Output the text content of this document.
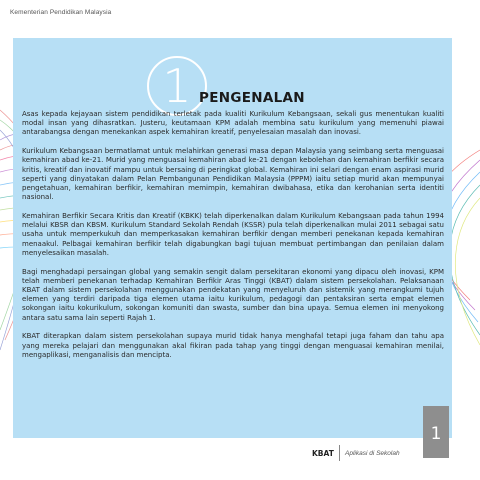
Kementerian Pendidikan Malaysia
1 PENGENALAN

Asas kepada kejayaan sistem pendidikan terletak pada kualiti Kurikulum Kebangsaan, sekali gus menentukan kualiti modal insan yang dihasratkan. Justeru, keutamaan KPM adalah membina satu kurikulum yang memenuhi piawai antarabangsa dengan menekankan aspek kemahiran kreatif, penyelesaian masalah dan inovasi.

Kurikulum Kebangsaan bermatlamat untuk melahirkan generasi masa depan Malaysia yang seimbang serta menguasai kemahiran abad ke-21. Murid yang menguasai kemahiran abad ke-21 dengan kebolehan dan kemahiran berfikir secara kritis, kreatif dan inovatif mampu untuk bersaing di peringkat global. Kemahiran ini selari dengan enam aspirasi murid seperti yang dinyatakan dalam Pelan Pembangunan Pendidikan Malaysia (PPPM) iaitu setiap murid akan mempunyai pengetahuan, kemahiran berfikir, kemahiran memimpin, kemahiran dwibahasa, etika dan kerohanian serta identiti nasional.

Kemahiran Berfikir Secara Kritis dan Kreatif (KBKK) telah diperkenalkan dalam Kurikulum Kebangsaan pada tahun 1994 melalui KBSR dan KBSM. Kurikulum Standard Sekolah Rendah (KSSR) pula telah diperkenalkan mulai 2011 sebagai satu usaha untuk memperkukuh dan memperkasakan kemahiran berfikir dengan memberi penekanan kepada kemahiran menaakul. Pelbagai kemahiran berfikir telah digabungkan bagi tujuan membuat pertimbangan dan penilaian dalam menyelesaikan masalah.

Bagi menghadapi persaingan global yang semakin sengit dalam persekitaran ekonomi yang dipacu oleh inovasi, KPM telah memberi penekanan terhadap Kemahiran Berfikir Aras Tinggi (KBAT) dalam sistem persekolahan. Pelaksanaan KBAT dalam sistem persekolahan menggunakan pendekatan yang menyeluruh dan sistemik yang merangkumi tujuh elemen yang terdiri daripada tiga elemen utama iaitu kurikulum, pedagogi dan pentaksiran serta empat elemen sokongan iaitu kokurikulum, sokongan komuniti dan swasta, sumber dan bina upaya. Semua elemen ini menyokong antara satu sama lain seperti Rajah 1.

KBAT diterapkan dalam sistem persekolahan supaya murid tidak hanya menghafal tetapi juga faham dan tahu apa yang mereka pelajari dan menggunakan akal fikiran pada tahap yang tinggi dengan menguasai kemahiran menilai, mengaplikasi, menganalisis dan mencipta.

KBAT Aplikasi di Sekolah
1
